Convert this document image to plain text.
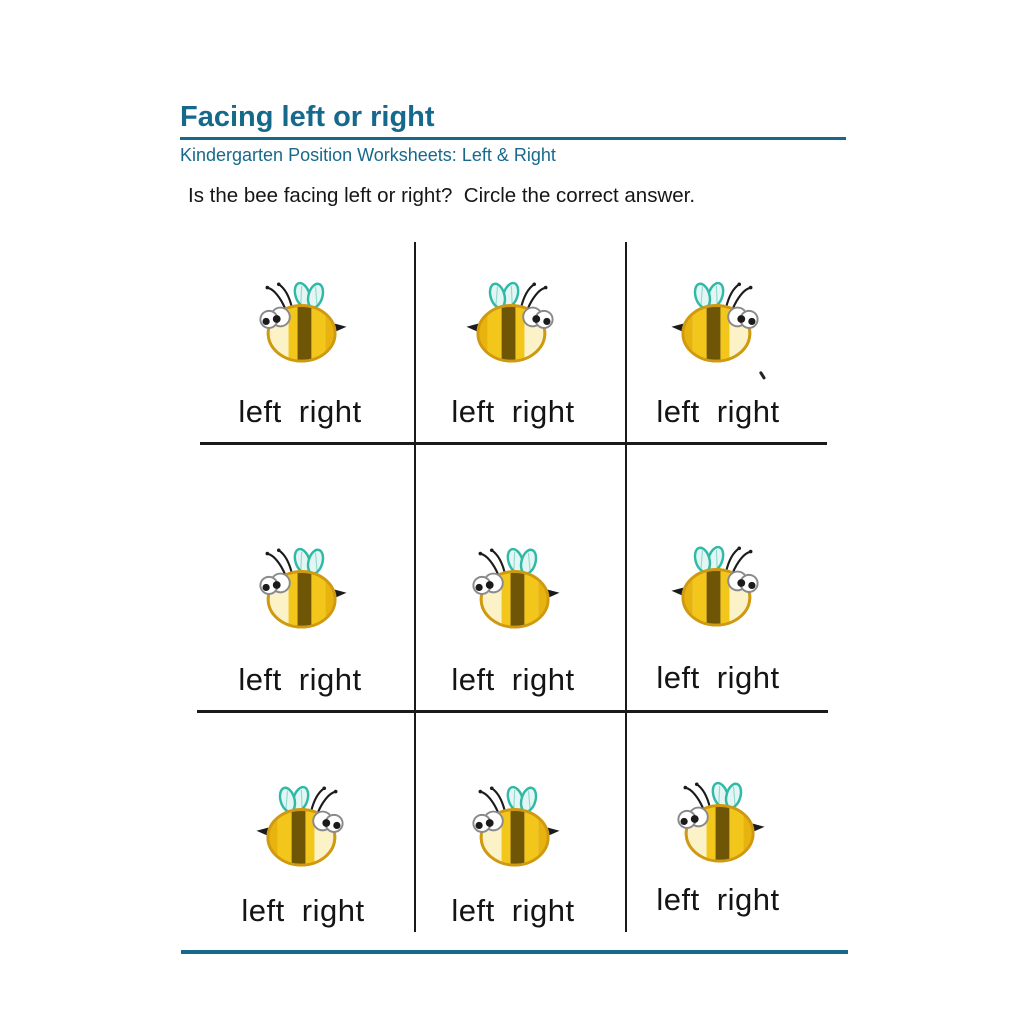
Facing left or right
Kindergarten Position Worksheets: Left & Right
Is the bee facing left or right?  Circle the correct answer.
left right	left right	left right
left right	left right	left right
left right	left right	left right
